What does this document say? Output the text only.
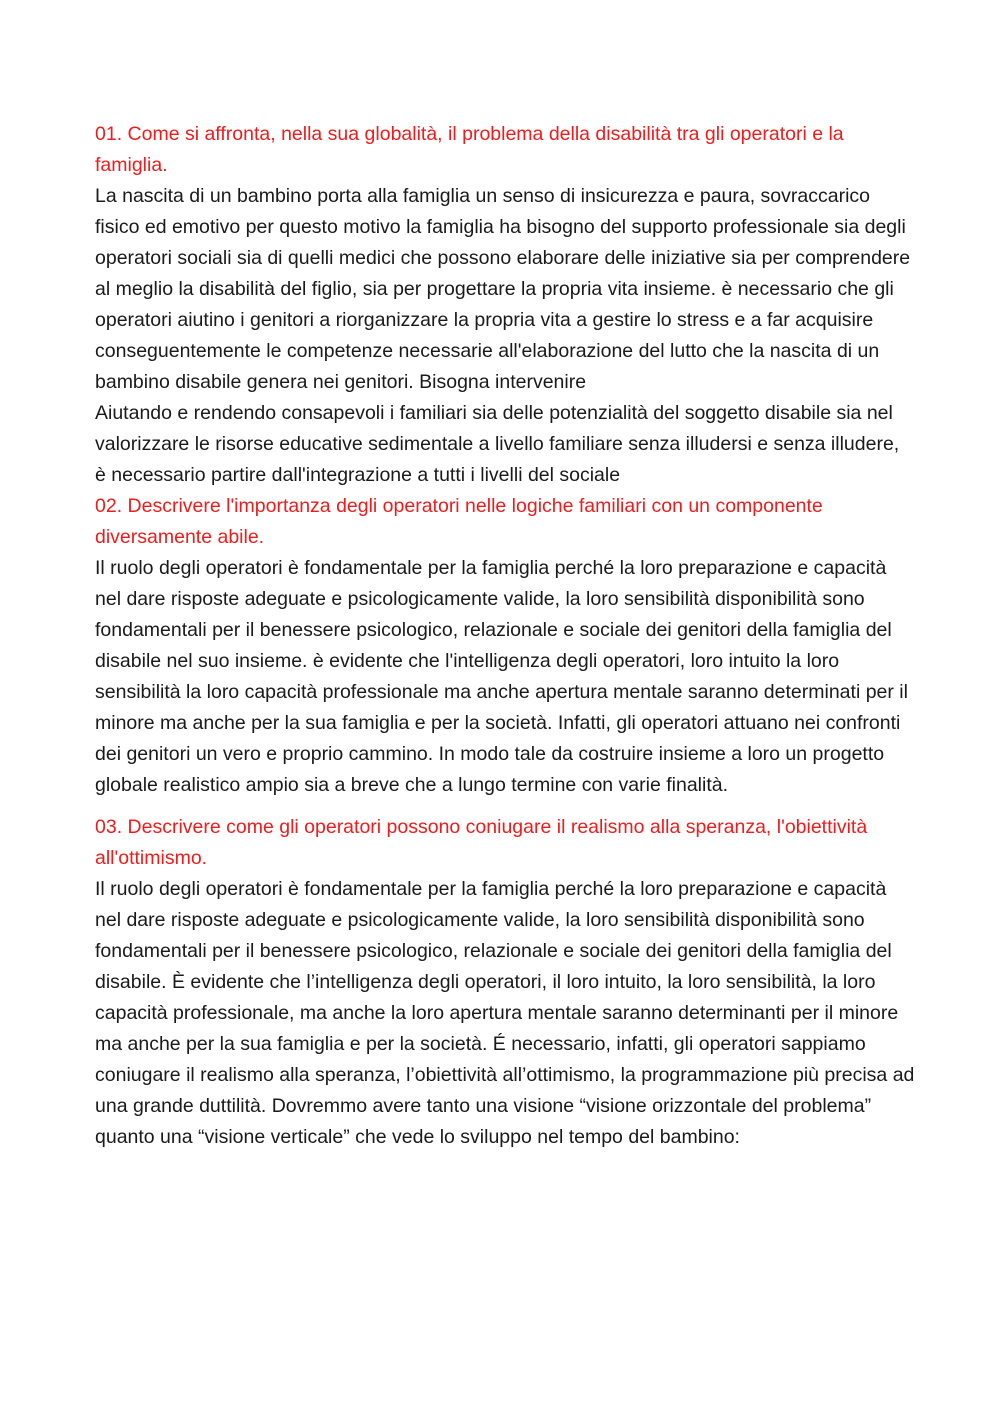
01. Come si affronta, nella sua globalità, il problema della disabilità tra gli operatori e la famiglia.

La nascita di un bambino porta alla famiglia un senso di insicurezza e paura, sovraccarico fisico ed emotivo per questo motivo la famiglia ha bisogno del supporto professionale sia degli operatori sociali sia di quelli medici che possono elaborare delle iniziative sia per comprendere al meglio la disabilità del figlio, sia per progettare la propria vita insieme. è necessario che gli operatori aiutino i genitori a riorganizzare la propria vita a gestire lo stress e a far acquisire conseguentemente le competenze necessarie all'elaborazione del lutto che la nascita di un bambino disabile genera nei genitori. Bisogna intervenire

Aiutando e rendendo consapevoli i familiari sia delle potenzialità del soggetto disabile sia nel valorizzare le risorse educative sedimentale a livello familiare senza illudersi e senza illudere, è necessario partire dall'integrazione a tutti i livelli del sociale

02. Descrivere l'importanza degli operatori nelle logiche familiari con un componente diversamente abile.

Il ruolo degli operatori è fondamentale per la famiglia perché la loro preparazione e capacità nel dare risposte adeguate e psicologicamente valide, la loro sensibilità disponibilità sono fondamentali per il benessere psicologico, relazionale e sociale dei genitori della famiglia del disabile nel suo insieme. è evidente che l'intelligenza degli operatori, loro intuito la loro sensibilità la loro capacità professionale ma anche apertura mentale saranno determinati per il minore ma anche per la sua famiglia e per la società. Infatti, gli operatori attuano nei confronti dei genitori un vero e proprio cammino. In modo tale da costruire insieme a loro un progetto globale realistico ampio sia a breve che a lungo termine con varie finalità.

03. Descrivere come gli operatori possono coniugare il realismo alla speranza, l'obiettività all'ottimismo.

Il ruolo degli operatori è fondamentale per la famiglia perché la loro preparazione e capacità nel dare risposte adeguate e psicologicamente valide, la loro sensibilità disponibilità sono fondamentali per il benessere psicologico, relazionale e sociale dei genitori della famiglia del disabile. È evidente che l’intelligenza degli operatori, il loro intuito, la loro sensibilità, la loro capacità professionale, ma anche la loro apertura mentale saranno determinanti per il minore ma anche per la sua famiglia e per la società. É necessario, infatti, gli operatori sappiamo coniugare il realismo alla speranza, l’obiettività all’ottimismo, la programmazione più precisa ad una grande duttilità. Dovremmo avere tanto una visione “visione orizzontale del problema” quanto una “visione verticale” che vede lo sviluppo nel tempo del bambino:
